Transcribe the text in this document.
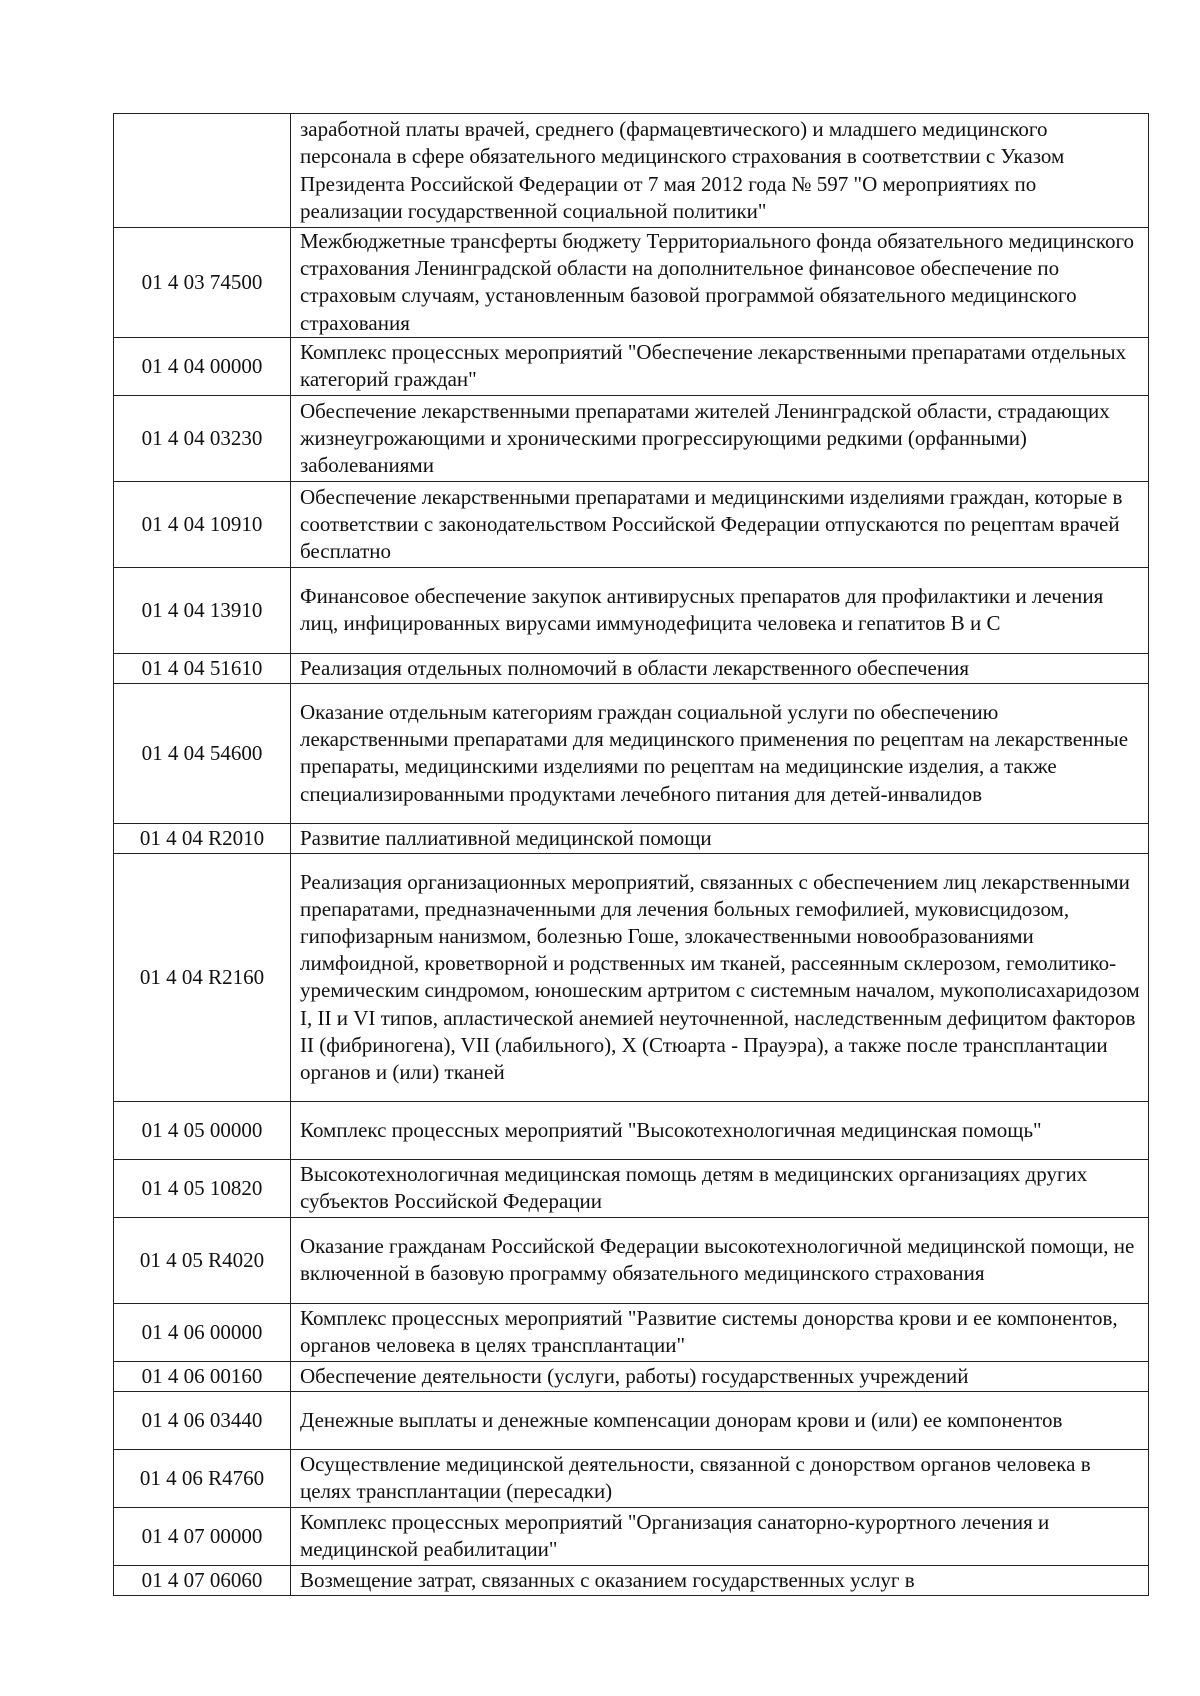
	заработной платы врачей, среднего (фармацевтического) и младшего медицинского персонала в сфере обязательного медицинского страхования в соответствии с Указом Президента Российской Федерации от 7 мая 2012 года № 597 "О мероприятиях по реализации государственной социальной политики"
01 4 03 74500	Межбюджетные трансферты бюджету Территориального фонда обязательного медицинского страхования Ленинградской области на дополнительное финансовое обеспечение по страховым случаям, установленным базовой программой обязательного медицинского страхования
01 4 04 00000	Комплекс процессных мероприятий "Обеспечение лекарственными препаратами отдельных категорий граждан"
01 4 04 03230	Обеспечение лекарственными препаратами жителей Ленинградской области, страдающих жизнеугрожающими и хроническими прогрессирующими редкими (орфанными) заболеваниями
01 4 04 10910	Обеспечение лекарственными препаратами и медицинскими изделиями граждан, которые в соответствии с законодательством Российской Федерации отпускаются по рецептам врачей бесплатно
01 4 04 13910	Финансовое обеспечение закупок антивирусных препаратов для профилактики и лечения лиц, инфицированных вирусами иммунодефицита человека и гепатитов В и С
01 4 04 51610	Реализация отдельных полномочий в области лекарственного обеспечения
01 4 04 54600	Оказание отдельным категориям граждан социальной услуги по обеспечению лекарственными препаратами для медицинского применения по рецептам на лекарственные препараты, медицинскими изделиями по рецептам на медицинские изделия, а также специализированными продуктами лечебного питания для детей-инвалидов
01 4 04 R2010	Развитие паллиативной медицинской помощи
01 4 04 R2160	Реализация организационных мероприятий, связанных с обеспечением лиц лекарственными препаратами, предназначенными для лечения больных гемофилией, муковисцидозом, гипофизарным нанизмом, болезнью Гоше, злокачественными новообразованиями лимфоидной, кроветворной и родственных им тканей, рассеянным склерозом, гемолитико-уремическим синдромом, юношеским артритом с системным началом, мукополисахаридозом I, II и VI типов, апластической анемией неуточненной, наследственным дефицитом факторов II (фибриногена), VII (лабильного), X (Стюарта - Прауэра), а также после трансплантации органов и (или) тканей
01 4 05 00000	Комплекс процессных мероприятий "Высокотехнологичная медицинская помощь"
01 4 05 10820	Высокотехнологичная медицинская помощь детям в медицинских организациях других субъектов Российской Федерации
01 4 05 R4020	Оказание гражданам Российской Федерации высокотехнологичной медицинской помощи, не включенной в базовую программу обязательного медицинского страхования
01 4 06 00000	Комплекс процессных мероприятий "Развитие системы донорства крови и ее компонентов, органов человека в целях трансплантации"
01 4 06 00160	Обеспечение деятельности (услуги, работы) государственных учреждений
01 4 06 03440	Денежные выплаты и денежные компенсации донорам крови и (или) ее компонентов
01 4 06 R4760	Осуществление медицинской деятельности, связанной с донорством органов человека в целях трансплантации (пересадки)
01 4 07 00000	Комплекс процессных мероприятий "Организация санаторно-курортного лечения и медицинской реабилитации"
01 4 07 06060	Возмещение затрат, связанных с оказанием государственных услуг в
